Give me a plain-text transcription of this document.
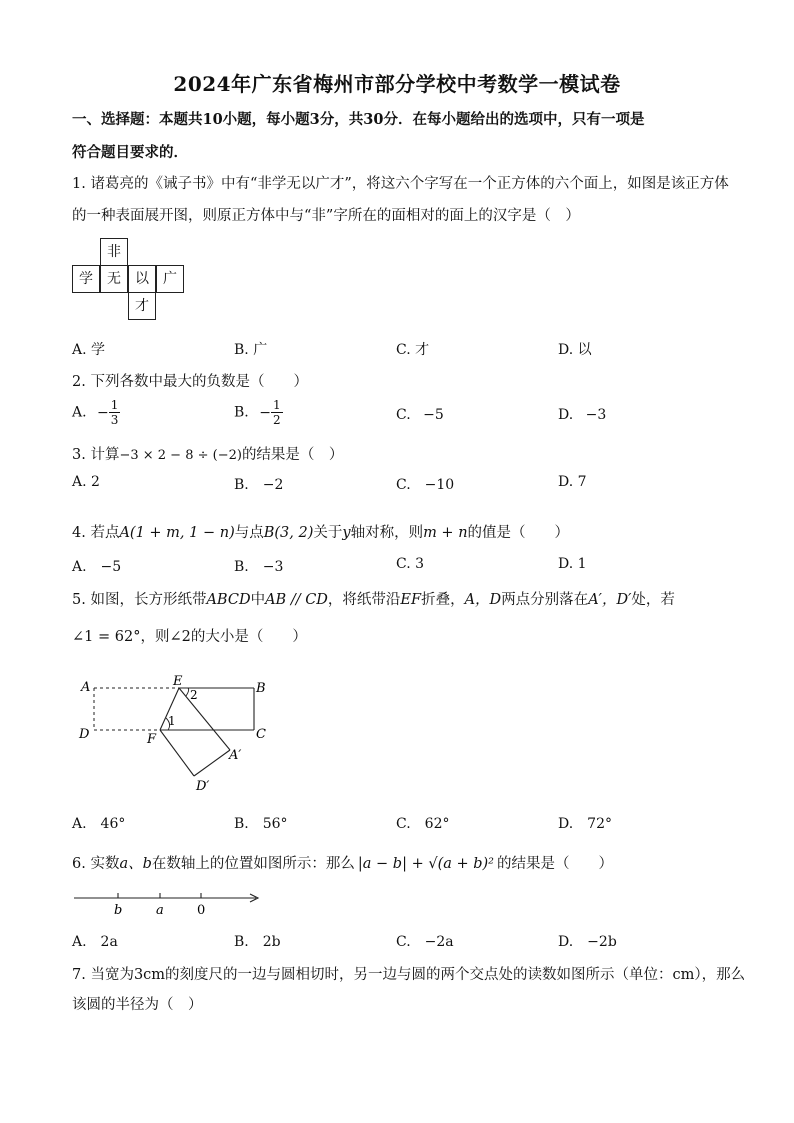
2024年广东省梅州市部分学校中考数学一模试卷
一、选择题：本题共10小题，每小题3分，共30分．在每小题给出的选项中，只有一项是
符合题目要求的．
1. 诸葛亮的《诫子书》中有“非学无以广才”，将这六个字写在一个正方体的六个面上，如图是该正方体
的一种表面展开图，则原正方体中与“非”字所在的面相对的面上的汉字是（　）
非
学	无	以	广
才
A. 学	B. 广	C. 才	D. 以
2. 下列各数中最大的负数是（　　）
A. − $\frac{1}{3}$	B. − $\frac{1}{2}$	C. −5	D. −3
3. 计算−3 × 2 − 8 ÷ (−2)的结果是（　）
A. 2	B.　−2	C.　−10	D. 7
4. 若点A(1 + m, 1 − n)与点B(3, 2)关于y轴对称，则m + n的值是（　　）
A.　−5	B.　−3	C. 3	D. 1
5. 如图，长方形纸带ABCD中AB // CD，将纸带沿EF折叠，A，D两点分别落在A′，D′处，若
∠1 = 62°，则∠2的大小是（　　）
A	E
2	B
1
D	F	C
A′
D′
A.　46°	B.　56°	C.　62°	D.　72°
6. 实数a、b在数轴上的位置如图所示：那么 |a − b| + √(a + b)² 的结果是（　　）
b	a	0
A.　2a	B.　2b	C.　−2a	D.　−2b
7. 当宽为3cm的刻度尺的一边与圆相切时，另一边与圆的两个交点处的读数如图所示（单位：cm），那么
该圆的半径为（　）
